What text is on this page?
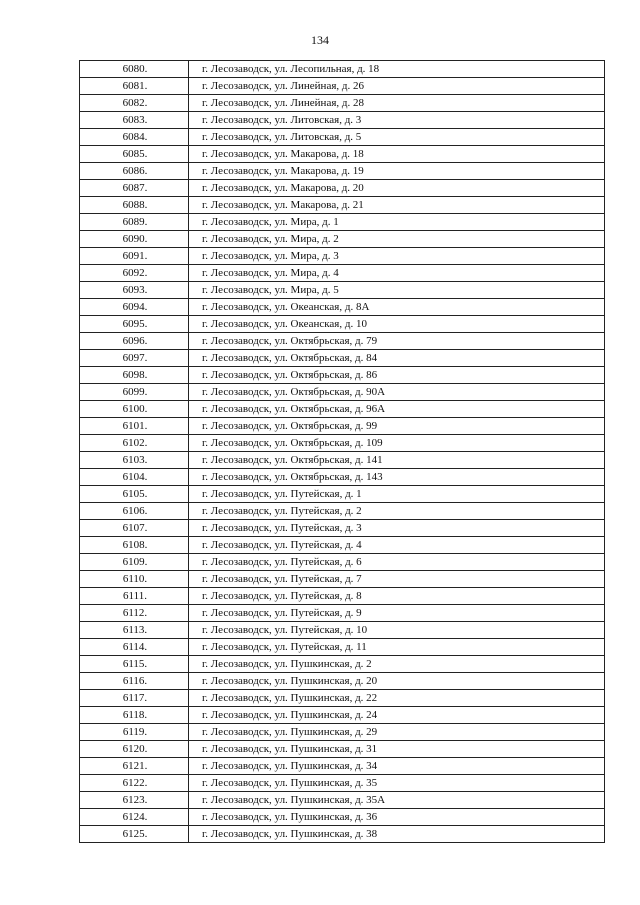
134
6080.	г. Лесозаводск, ул. Лесопильная, д. 18
6081.	г. Лесозаводск, ул. Линейная, д. 26
6082.	г. Лесозаводск, ул. Линейная, д. 28
6083.	г. Лесозаводск, ул. Литовская, д. 3
6084.	г. Лесозаводск, ул. Литовская, д. 5
6085.	г. Лесозаводск, ул. Макарова, д. 18
6086.	г. Лесозаводск, ул. Макарова, д. 19
6087.	г. Лесозаводск, ул. Макарова, д. 20
6088.	г. Лесозаводск, ул. Макарова, д. 21
6089.	г. Лесозаводск, ул. Мира, д. 1
6090.	г. Лесозаводск, ул. Мира, д. 2
6091.	г. Лесозаводск, ул. Мира, д. 3
6092.	г. Лесозаводск, ул. Мира, д. 4
6093.	г. Лесозаводск, ул. Мира, д. 5
6094.	г. Лесозаводск, ул. Океанская, д. 8А
6095.	г. Лесозаводск, ул. Океанская, д. 10
6096.	г. Лесозаводск, ул. Октябрьская, д. 79
6097.	г. Лесозаводск, ул. Октябрьская, д. 84
6098.	г. Лесозаводск, ул. Октябрьская, д. 86
6099.	г. Лесозаводск, ул. Октябрьская, д. 90А
6100.	г. Лесозаводск, ул. Октябрьская, д. 96А
6101.	г. Лесозаводск, ул. Октябрьская, д. 99
6102.	г. Лесозаводск, ул. Октябрьская, д. 109
6103.	г. Лесозаводск, ул. Октябрьская, д. 141
6104.	г. Лесозаводск, ул. Октябрьская, д. 143
6105.	г. Лесозаводск, ул. Путейская, д. 1
6106.	г. Лесозаводск, ул. Путейская, д. 2
6107.	г. Лесозаводск, ул. Путейская, д. 3
6108.	г. Лесозаводск, ул. Путейская, д. 4
6109.	г. Лесозаводск, ул. Путейская, д. 6
6110.	г. Лесозаводск, ул. Путейская, д. 7
6111.	г. Лесозаводск, ул. Путейская, д. 8
6112.	г. Лесозаводск, ул. Путейская, д. 9
6113.	г. Лесозаводск, ул. Путейская, д. 10
6114.	г. Лесозаводск, ул. Путейская, д. 11
6115.	г. Лесозаводск, ул. Пушкинская, д. 2
6116.	г. Лесозаводск, ул. Пушкинская, д. 20
6117.	г. Лесозаводск, ул. Пушкинская, д. 22
6118.	г. Лесозаводск, ул. Пушкинская, д. 24
6119.	г. Лесозаводск, ул. Пушкинская, д. 29
6120.	г. Лесозаводск, ул. Пушкинская, д. 31
6121.	г. Лесозаводск, ул. Пушкинская, д. 34
6122.	г. Лесозаводск, ул. Пушкинская, д. 35
6123.	г. Лесозаводск, ул. Пушкинская, д. 35А
6124.	г. Лесозаводск, ул. Пушкинская, д. 36
6125.	г. Лесозаводск, ул. Пушкинская, д. 38
